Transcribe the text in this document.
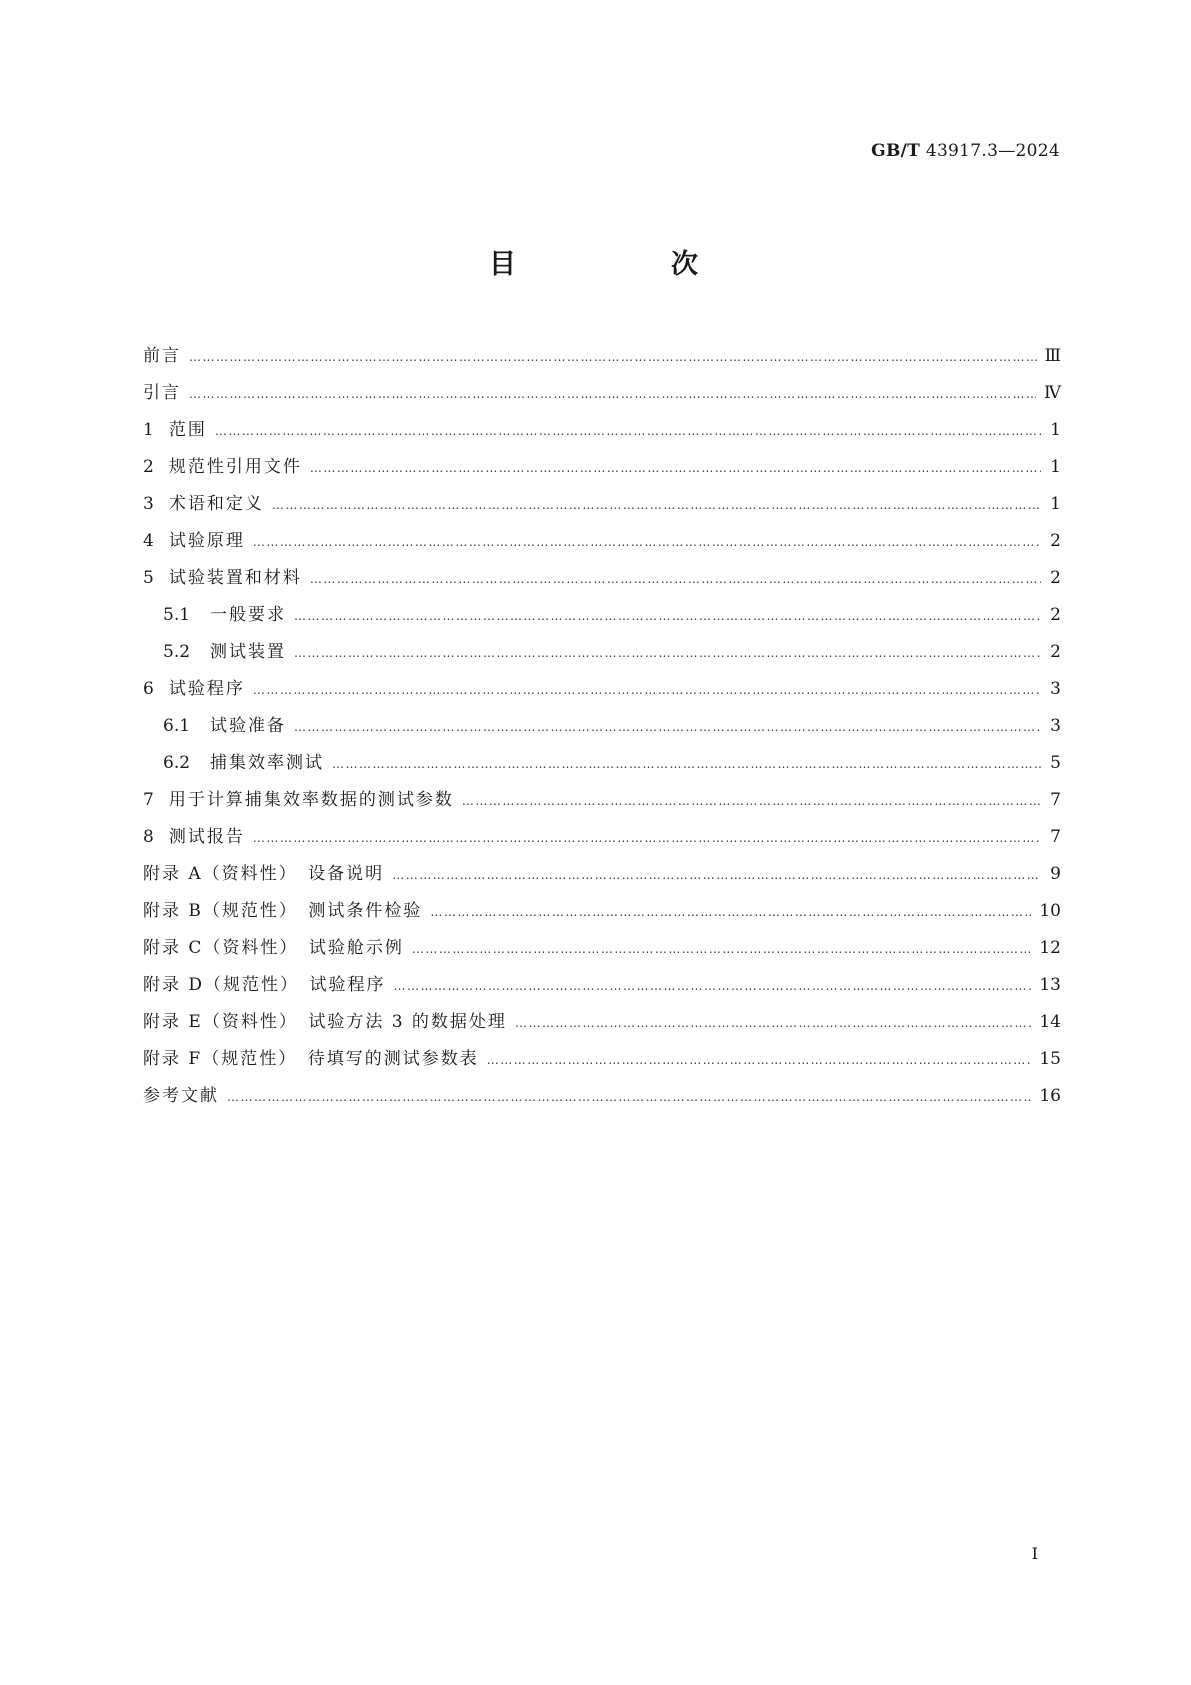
GB/T 43917.3—2024
目　次
前言 …………………………………………………………………………………………………………………………………………………………………………………………	Ⅲ
引言 …………………………………………………………………………………………………………………………………………………………………………………………	Ⅳ
1 范围 …………………………………………………………………………………………………………………………………………………………………………………………	1
2 规范性引用文件 …………………………………………………………………………………………………………………………………………………………………………………………	1
3 术语和定义 …………………………………………………………………………………………………………………………………………………………………………………………	1
4 试验原理 …………………………………………………………………………………………………………………………………………………………………………………………	2
5 试验装置和材料 …………………………………………………………………………………………………………………………………………………………………………………………	2
5.1 一般要求 …………………………………………………………………………………………………………………………………………………………………………………………	2
5.2 测试装置 …………………………………………………………………………………………………………………………………………………………………………………………	2
6 试验程序 …………………………………………………………………………………………………………………………………………………………………………………………	3
6.1 试验准备 …………………………………………………………………………………………………………………………………………………………………………………………	3
6.2 捕集效率测试 …………………………………………………………………………………………………………………………………………………………………………………………	5
7 用于计算捕集效率数据的测试参数 …………………………………………………………………………………………………………………………………………………………………………………………	7
8 测试报告 …………………………………………………………………………………………………………………………………………………………………………………………	7
附录 A（资料性）　设备说明 …………………………………………………………………………………………………………………………………………………………………………………………	9
附录 B（规范性）　测试条件检验 …………………………………………………………………………………………………………………………………………………………………………………………	10
附录 C（资料性）　试验舱示例 …………………………………………………………………………………………………………………………………………………………………………………………	12
附录 D（规范性）　试验程序 …………………………………………………………………………………………………………………………………………………………………………………………	13
附录 E（资料性）　试验方法 3 的数据处理 …………………………………………………………………………………………………………………………………………………………………………………………	14
附录 F（规范性）　待填写的测试参数表 …………………………………………………………………………………………………………………………………………………………………………………………	15
参考文献 …………………………………………………………………………………………………………………………………………………………………………………………	16
Ⅰ
